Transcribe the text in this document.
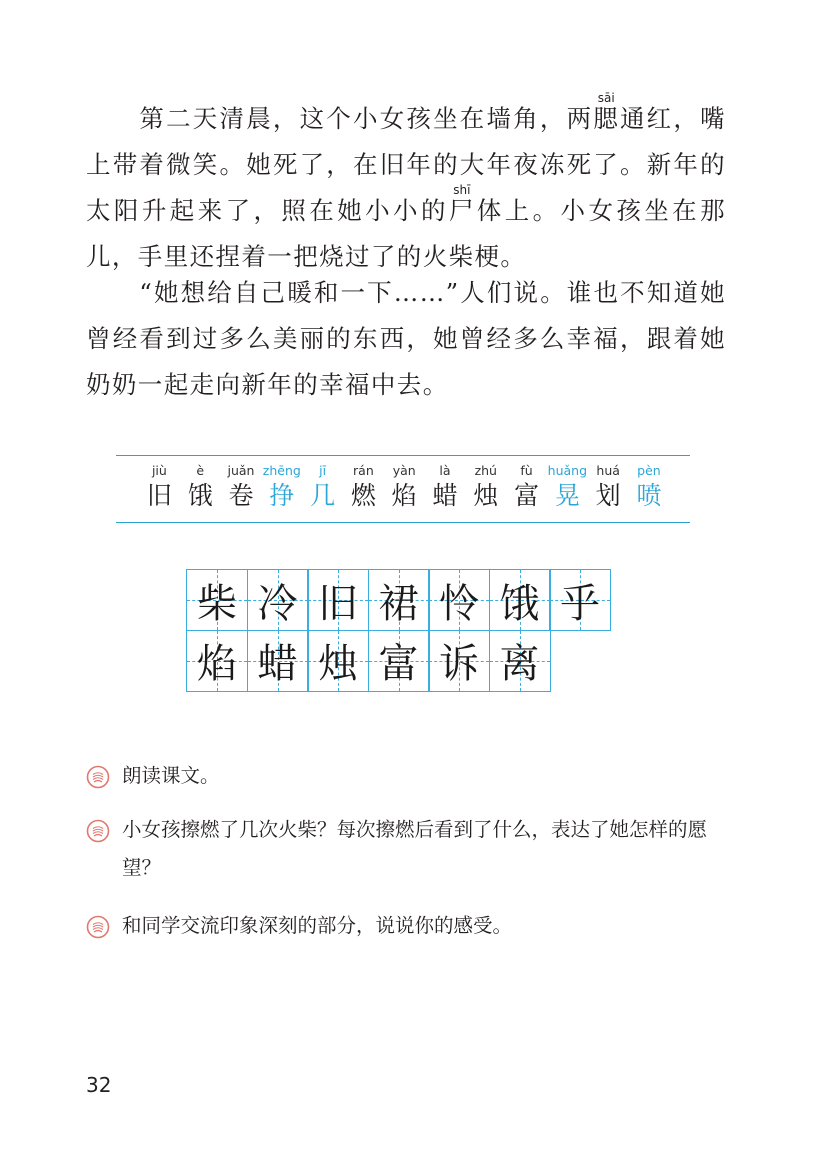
　　第二天清晨，这个小女孩坐在墙角，两腮sāi通红，嘴上带着微笑。她死了，在旧年的大年夜冻死了。新年的太阳升起来了，照在她小小的尸shī体上。小女孩坐在那儿，手里还捏着一把烧过了的火柴梗。

　　“她想给自己暖和一下……”人们说。谁也不知道她曾经看到过多么美丽的东西，她曾经多么幸福，跟着她奶奶一起走向新年的幸福中去。

jiù
旧
è
饿
juǎn
卷
zhēng
挣
jī
几
rán
燃
yàn
焰
là
蜡
zhú
烛
fù
富
huǎng
晃
huá
划
pèn
喷
柴 冷 旧 裙 怜 饿 乎
焰 蜡 烛 富 诉 离
朗读课文。
小女孩擦燃了几次火柴？每次擦燃后看到了什么，表达了她怎样的愿望？
和同学交流印象深刻的部分，说说你的感受。
32
